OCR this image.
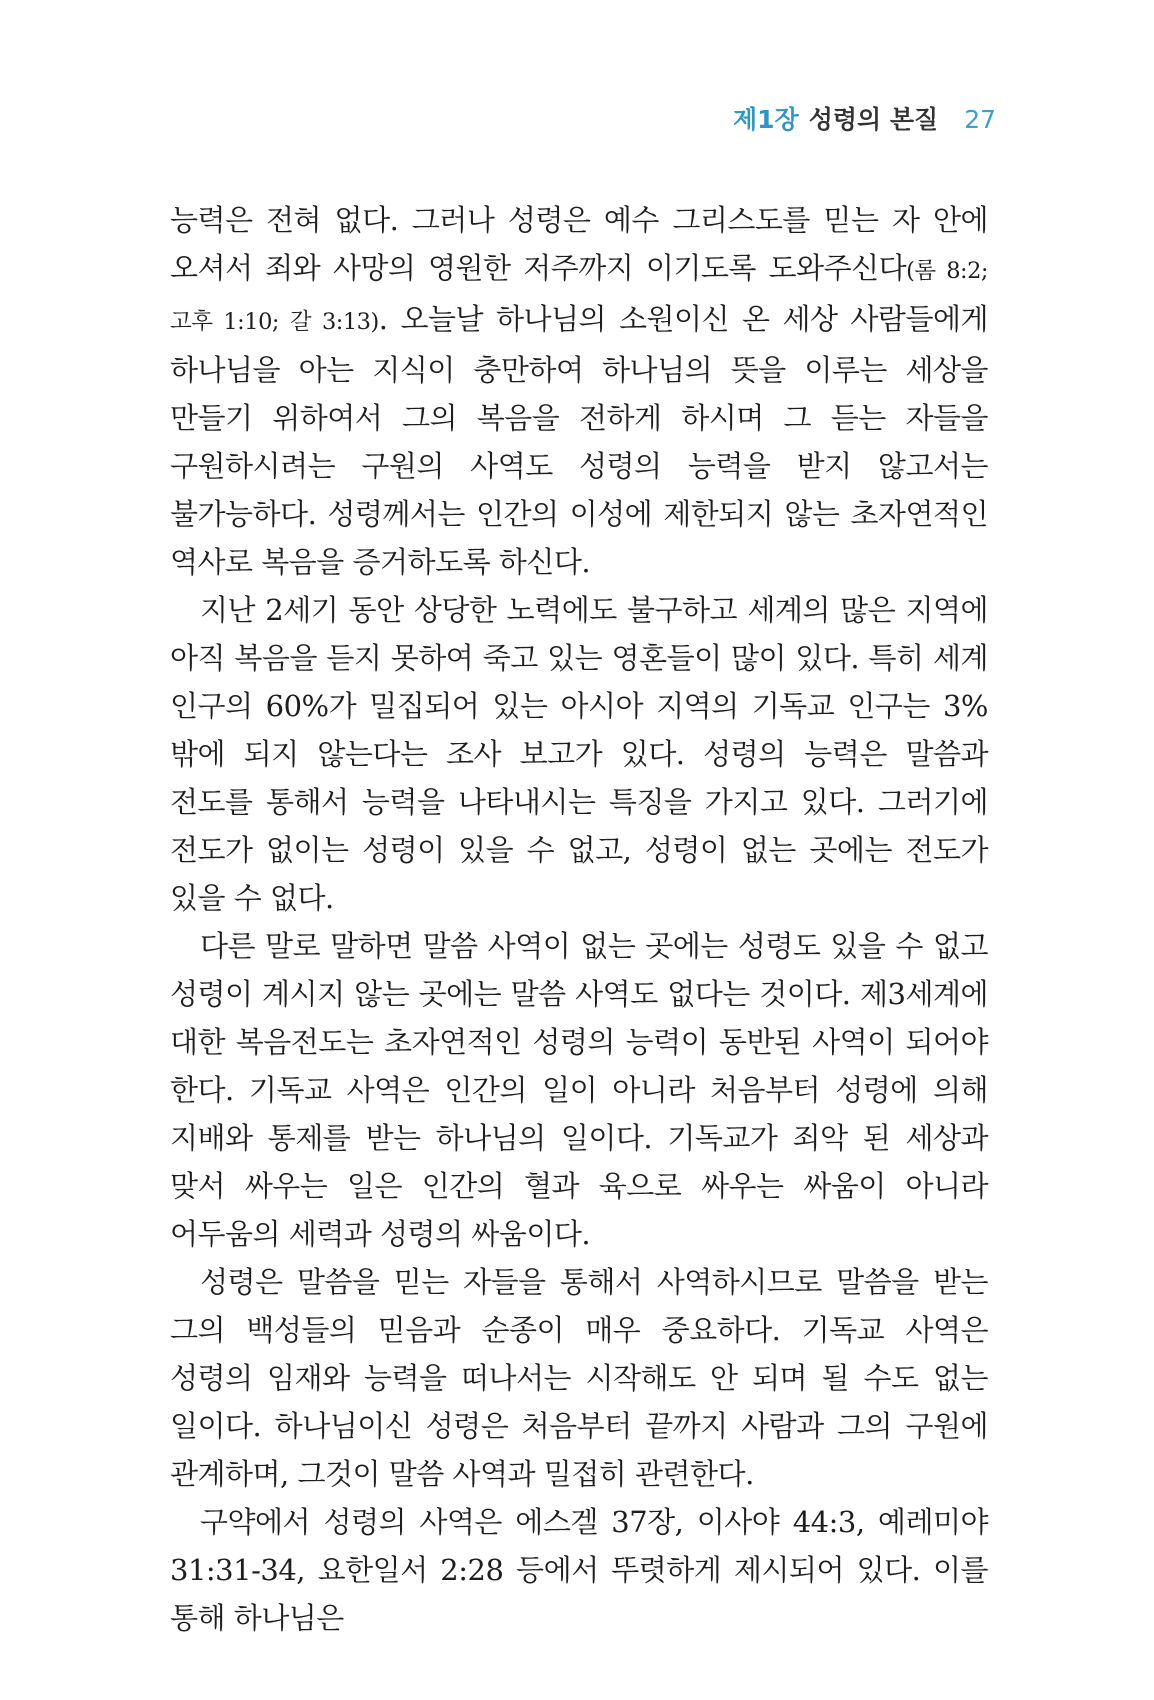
제1장 성령의 본질 27

능력은 전혀 없다. 그러나 성령은 예수 그리스도를 믿는 자 안에 오셔서 죄와 사망의 영원한 저주까지 이기도록 도와주신다(롬 8:2; 고후 1:10; 갈 3:13). 오늘날 하나님의 소원이신 온 세상 사람들에게 하나님을 아는 지식이 충만하여 하나님의 뜻을 이루는 세상을 만들기 위하여서 그의 복음을 전하게 하시며 그 듣는 자들을 구원하시려는 구원의 사역도 성령의 능력을 받지 않고서는 불가능하다. 성령께서는 인간의 이성에 제한되지 않는 초자연적인 역사로 복음을 증거하도록 하신다.

지난 2세기 동안 상당한 노력에도 불구하고 세계의 많은 지역에 아직 복음을 듣지 못하여 죽고 있는 영혼들이 많이 있다. 특히 세계 인구의 60%가 밀집되어 있는 아시아 지역의 기독교 인구는 3%밖에 되지 않는다는 조사 보고가 있다. 성령의 능력은 말씀과 전도를 통해서 능력을 나타내시는 특징을 가지고 있다. 그러기에 전도가 없이는 성령이 있을 수 없고, 성령이 없는 곳에는 전도가 있을 수 없다.

다른 말로 말하면 말씀 사역이 없는 곳에는 성령도 있을 수 없고 성령이 계시지 않는 곳에는 말씀 사역도 없다는 것이다. 제3세계에 대한 복음전도는 초자연적인 성령의 능력이 동반된 사역이 되어야 한다. 기독교 사역은 인간의 일이 아니라 처음부터 성령에 의해 지배와 통제를 받는 하나님의 일이다. 기독교가 죄악 된 세상과 맞서 싸우는 일은 인간의 혈과 육으로 싸우는 싸움이 아니라 어두움의 세력과 성령의 싸움이다.

성령은 말씀을 믿는 자들을 통해서 사역하시므로 말씀을 받는 그의 백성들의 믿음과 순종이 매우 중요하다. 기독교 사역은 성령의 임재와 능력을 떠나서는 시작해도 안 되며 될 수도 없는 일이다. 하나님이신 성령은 처음부터 끝까지 사람과 그의 구원에 관계하며, 그것이 말씀 사역과 밀접히 관련한다.

구약에서 성령의 사역은 에스겔 37장, 이사야 44:3, 예레미야 31:31-34, 요한일서 2:28 등에서 뚜렷하게 제시되어 있다. 이를 통해 하나님은
